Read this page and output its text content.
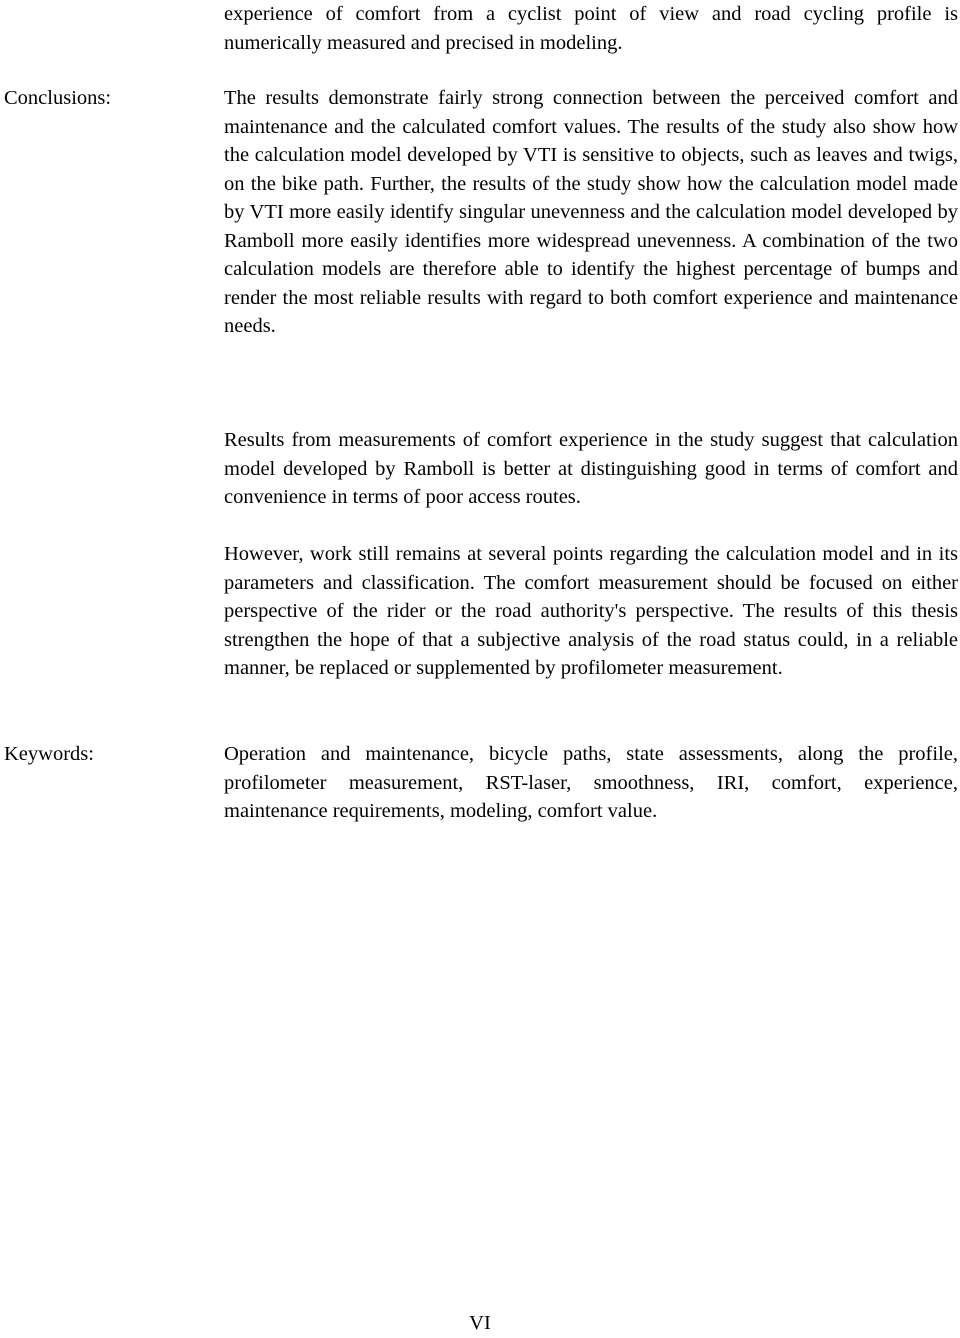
experience of comfort from a cyclist point of view and road cycling profile is numerically measured and precised in modeling.

Conclusions:	The results demonstrate fairly strong connection between the perceived comfort and maintenance and the calculated comfort values. The results of the study also show how the calculation model developed by VTI is sensitive to objects, such as leaves and twigs, on the bike path. Further, the results of the study show how the calculation model made by VTI more easily identify singular unevenness and the calculation model developed by Ramboll more easily identifies more widespread unevenness. A combination of the two calculation models are therefore able to identify the highest percentage of bumps and render the most reliable results with regard to both comfort experience and maintenance needs.

Results from measurements of comfort experience in the study suggest that calculation model developed by Ramboll is better at distinguishing good in terms of comfort and convenience in terms of poor access routes.

However, work still remains at several points regarding the calculation model and in its parameters and classification. The comfort measurement should be focused on either perspective of the rider or the road authority's perspective. The results of this thesis strengthen the hope of that a subjective analysis of the road status could, in a reliable manner, be replaced or supplemented by profilometer measurement.

Keywords:	Operation and maintenance, bicycle paths, state assessments, along the profile, profilometer measurement, RST-laser, smoothness, IRI, comfort, experience, maintenance requirements, modeling, comfort value.

VI
